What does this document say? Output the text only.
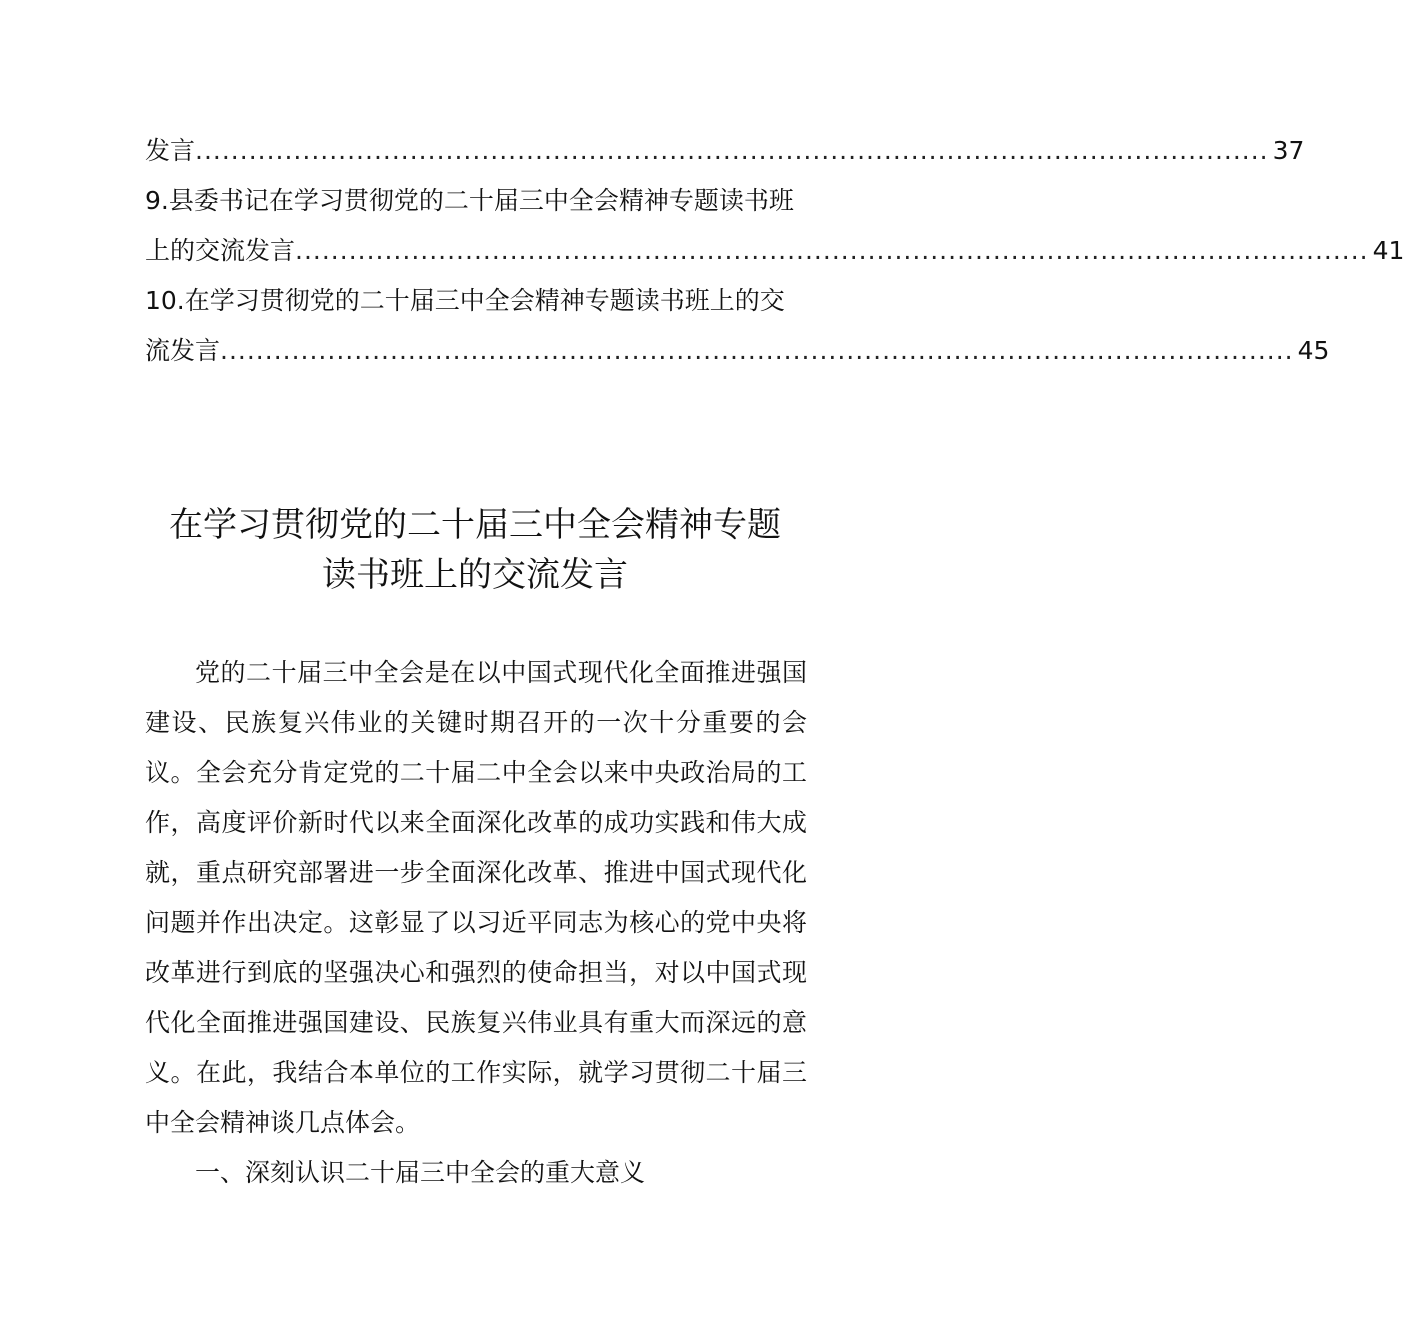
发言 ........................................................................................................................ 37
9.县委书记在学习贯彻党的二十届三中全会精神专题读书班
上的交流发言 ........................................................................................................................ 41
10.在学习贯彻党的二十届三中全会精神专题读书班上的交
流发言 ........................................................................................................................ 45
在学习贯彻党的二十届三中全会精神专题
读书班上的交流发言

党的二十届三中全会是在以中国式现代化全面推进强国建设、民族复兴伟业的关键时期召开的一次十分重要的会议。全会充分肯定党的二十届二中全会以来中央政治局的工作，高度评价新时代以来全面深化改革的成功实践和伟大成就，重点研究部署进一步全面深化改革、推进中国式现代化问题并作出决定。这彰显了以习近平同志为核心的党中央将改革进行到底的坚强决心和强烈的使命担当，对以中国式现代化全面推进强国建设、民族复兴伟业具有重大而深远的意义。在此，我结合本单位的工作实际，就学习贯彻二十届三中全会精神谈几点体会。

一、深刻认识二十届三中全会的重大意义
